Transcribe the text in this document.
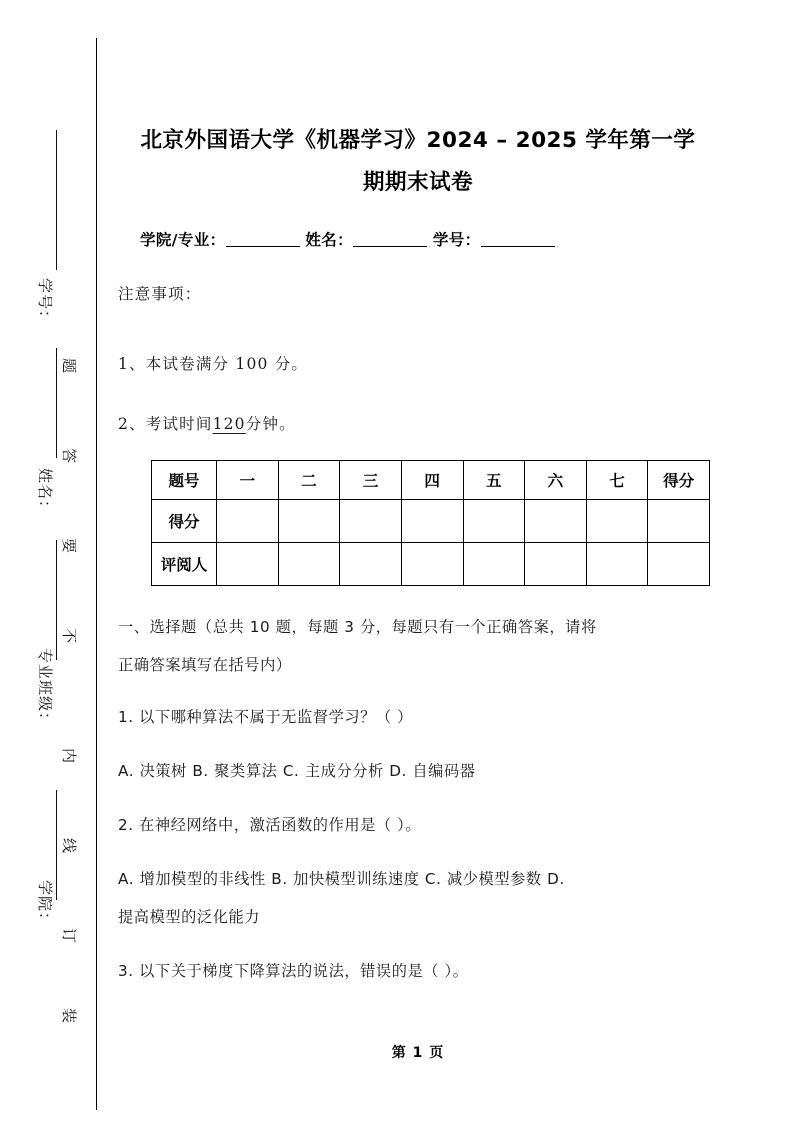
学号：
姓名：
专业班级：
学院：
题
答
要
不
内
线
订
装
北京外国语大学《机器学习》2024 – 2025 学年第一学
期期末试卷
学院/专业：	姓名：	学号：
注意事项：
1、本试卷满分 100 分。
2、考试时间120分钟。
题号	一	二	三	四	五	六	七	得分
得分								
评阅人								
一、选择题（总共 10 题，每题 3 分，每题只有一个正确答案，请将
正确答案填写在括号内）
1. 以下哪种算法不属于无监督学习？（ ）
A. 决策树 B. 聚类算法 C. 主成分分析 D. 自编码器
2. 在神经网络中，激活函数的作用是（ ）。
A. 增加模型的非线性 B. 加快模型训练速度 C. 减少模型参数 D.
提高模型的泛化能力
3. 以下关于梯度下降算法的说法，错误的是（ ）。
第 1 页
